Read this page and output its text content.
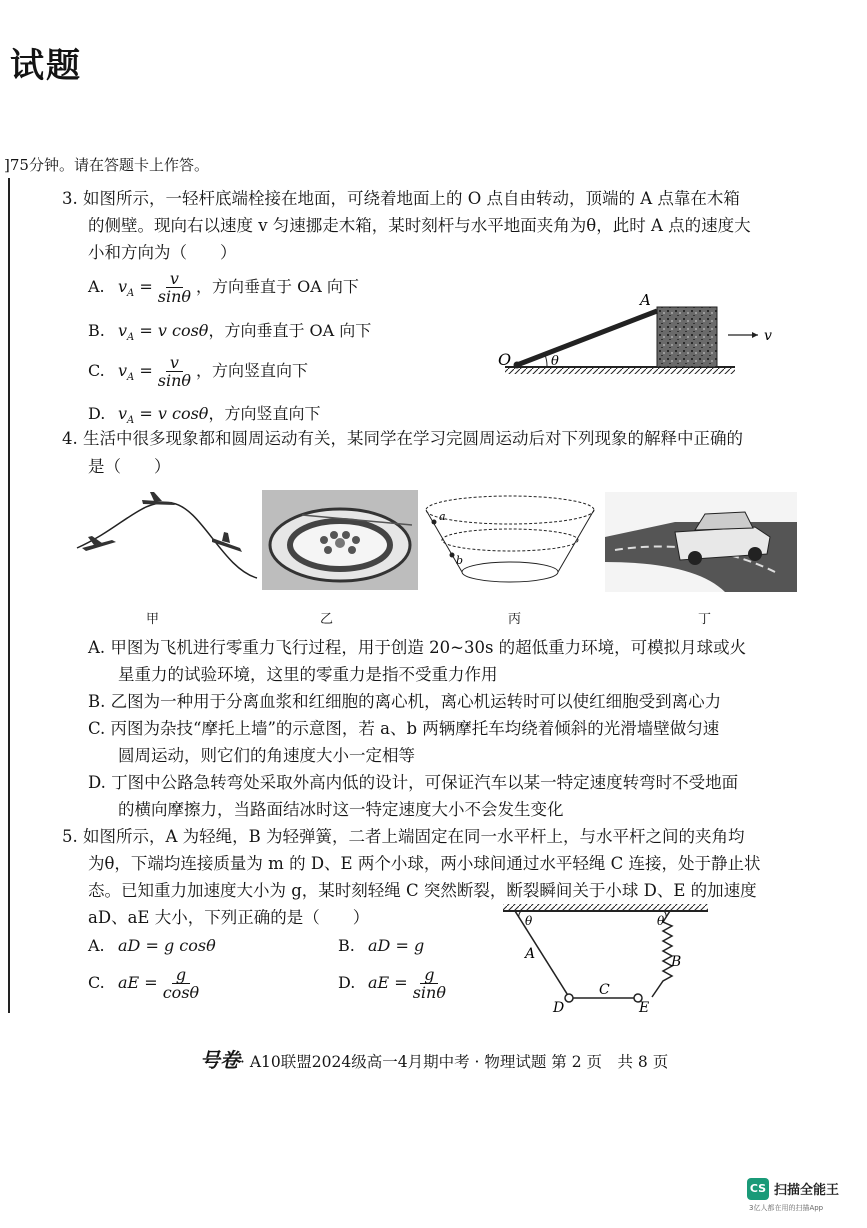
试题
]75分钟。请在答题卡上作答。
3. 如图所示，一轻杆底端栓接在地面，可绕着地面上的 O 点自由转动，顶端的 A 点靠在木箱
的侧壁。现向右以速度 v 匀速挪走木箱，某时刻杆与水平地面夹角为θ，此时 A 点的速度大
小和方向为（　　）
A. $v_A = \frac{v}{\sin\theta}$ ，方向垂直于 OA 向下
B. $v_A = v$ cosθ，方向垂直于 OA 向下
C. $v_A = \frac{v}{\sin\theta}$ ，方向竖直向下
D. $v_A = v$ cosθ，方向竖直向下
θ
O
A
v
4. 生活中很多现象都和圆周运动有关，某同学在学习完圆周运动后对下列现象的解释中正确的
是（　　）
a
b
甲	乙	丙	丁
A. 甲图为飞机进行零重力飞行过程，用于创造 20~30s 的超低重力环境，可模拟月球或火
星重力的试验环境，这里的零重力是指不受重力作用
B. 乙图为一种用于分离血浆和红细胞的离心机，离心机运转时可以使红细胞受到离心力
C. 丙图为杂技“摩托上墙”的示意图，若 a、b 两辆摩托车均绕着倾斜的光滑墙壁做匀速
圆周运动，则它们的角速度大小一定相等
D. 丁图中公路急转弯处采取外高内低的设计，可保证汽车以某一特定速度转弯时不受地面
的横向摩擦力，当路面结冰时这一特定速度大小不会发生变化
5. 如图所示，A 为轻绳，B 为轻弹簧，二者上端固定在同一水平杆上，与水平杆之间的夹角均
为θ，下端均连接质量为 m 的 D、E 两个小球，两小球间通过水平轻绳 C 连接，处于静止状
态。已知重力加速度大小为 g，某时刻轻绳 C 突然断裂，断裂瞬间关于小球 D、E 的加速度
aD、aE 大小，下列正确的是（　　）
A. aD = g cosθ	B. aD = g
C. aE = $\frac{g}{\cos\theta}$	D. aE = $\frac{g}{\sin\theta}$
θ	θ
A	B
C
D	E
号卷· A10联盟2024级高一4月期中考 · 物理试题 第 2 页　共 8 页
CS 扫描全能王
3亿人都在用的扫描App
